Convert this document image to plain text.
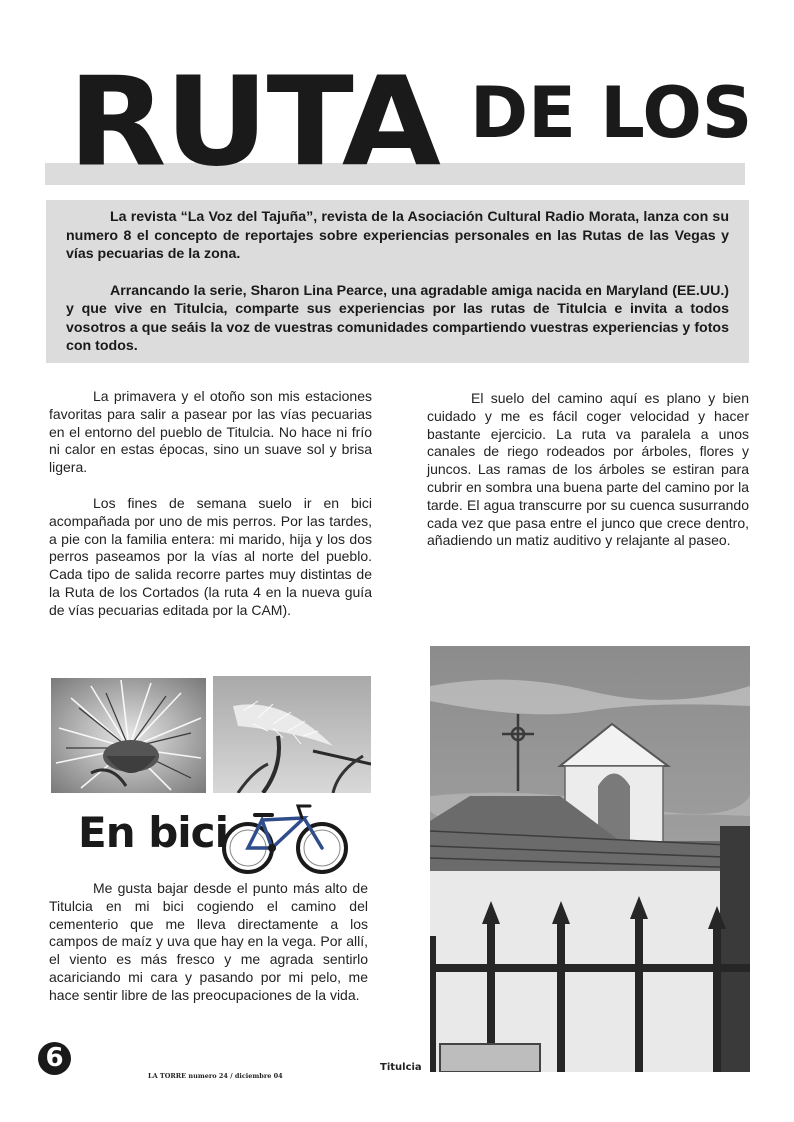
RUTA DE LOS

La revista “La Voz del Tajuña”, revista de la Asociación Cultural Radio Morata, lanza con su numero 8 el concepto de reportajes sobre experiencias personales en las Rutas de las Vegas y vías pecuarias de la zona.

Arrancando la serie, Sharon Lina Pearce, una agradable amiga nacida en Maryland (EE.UU.) y que vive en Titulcia, comparte sus experiencias por las rutas de Titulcia e invita a todos vosotros a que seáis la voz de vuestras comunidades compartiendo vuestras experiencias y fotos con todos.

La primavera y el otoño son mis estaciones favoritas para salir a pasear por las vías pecuarias en el entorno del pueblo de Titulcia. No hace ni frío ni calor en estas épocas, sino un suave sol y brisa ligera.

Los fines de semana suelo ir en bici acompañada por uno de mis perros. Por las tardes, a pie con la familia entera: mi marido, hija y los dos perros paseamos por la vías al norte del pueblo. Cada tipo de salida recorre partes muy distintas de la Ruta de los Cortados (la ruta 4 en la nueva guía de vías pecuarias editada por la CAM).

El suelo del camino aquí es plano y bien cuidado y me es fácil coger velocidad y hacer bastante ejercicio. La ruta va paralela a unos canales de riego rodeados por árboles, flores y juncos. Las ramas de los árboles se estiran para cubrir en sombra una buena parte del camino por la tarde. El agua transcurre por su cuenca susurrando cada vez que pasa entre el junco que crece dentro, añadiendo un matiz auditivo y relajante al paseo.

En bici

Me gusta bajar desde el punto más alto de Titulcia en mi bici cogiendo el camino del cementerio que me lleva directamente a los campos de maíz y uva que hay en la vega. Por allí, el viento es más fresco y me agrada sentirlo acariciando mi cara y pasando por mi pelo, me hace sentir libre de las preocupaciones de la vida.

6
LA TORRE numero 24 / diciembre 04
Titulcia
